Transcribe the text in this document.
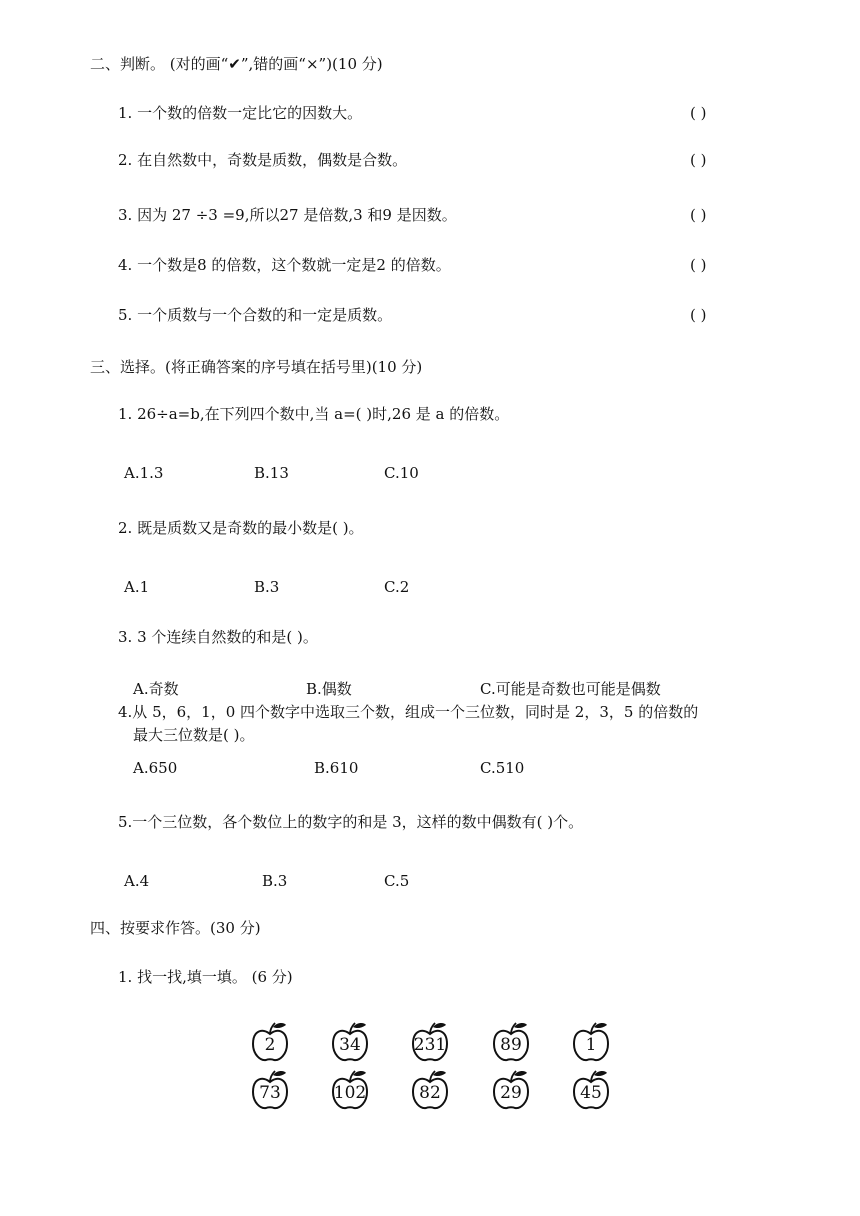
二、判断。 (对的画“✔”,错的画“×”)(10 分)
1. 一个数的倍数一定比它的因数大。	( )
2. 在自然数中，奇数是质数，偶数是合数。	( )
3. 因为 27 ÷3 =9,所以27 是倍数,3 和9 是因数。	( )
4. 一个数是8 的倍数，这个数就一定是2 的倍数。	( )
5. 一个质数与一个合数的和一定是质数。	( )
三、选择。(将正确答案的序号填在括号里)(10 分)
1. 26÷a=b,在下列四个数中,当 a=( )时,26 是 a 的倍数。
A.1.3	B.13	C.10
2. 既是质数又是奇数的最小数是( )。
A.1	B.3	C.2
3. 3 个连续自然数的和是( )。
A.奇数	B.偶数	C.可能是奇数也可能是偶数
4.从 5，6，1，0 四个数字中选取三个数，组成一个三位数，同时是 2，3，5 的倍数的
最大三位数是( )。
A.650	B.610	C.510
5.一个三位数，各个数位上的数字的和是 3，这样的数中偶数有( )个。
A.4	B.3	C.5
四、按要求作答。(30 分)
1. 找一找,填一填。 (6 分)
2	34	231	89	1
73	102	82	29	45
